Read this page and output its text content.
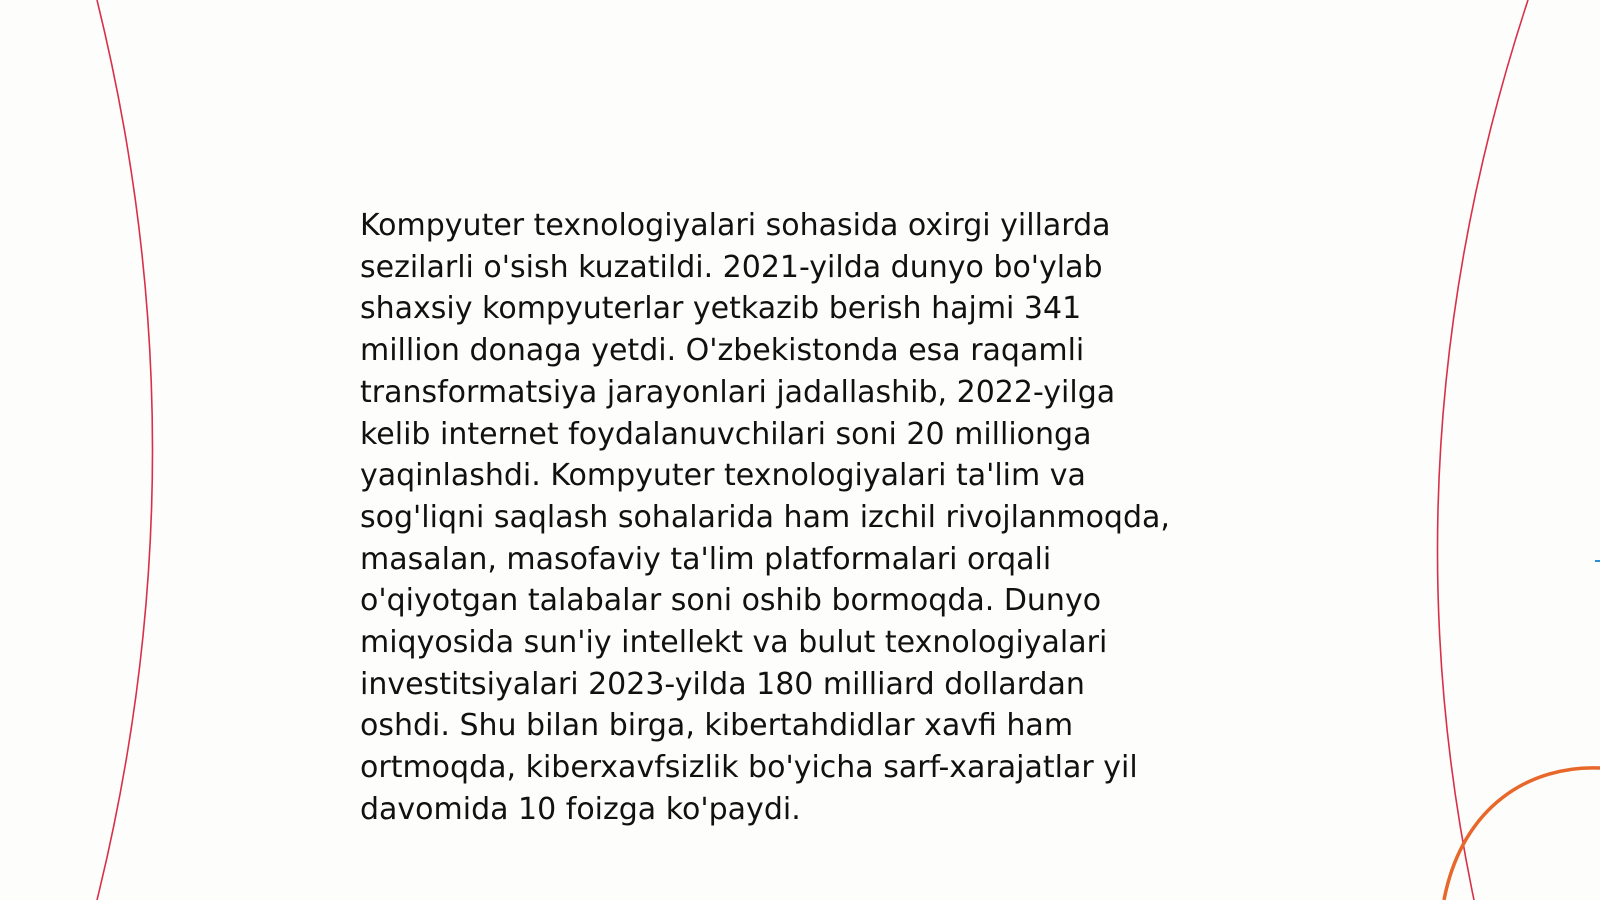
Kompyuter texnologiyalari sohasida oxirgi yillarda
sezilarli o'sish kuzatildi. 2021-yilda dunyo bo'ylab
shaxsiy kompyuterlar yetkazib berish hajmi 341
million donaga yetdi. O'zbekistonda esa raqamli
transformatsiya jarayonlari jadallashib, 2022-yilga
kelib internet foydalanuvchilari soni 20 millionga
yaqinlashdi. Kompyuter texnologiyalari ta'lim va
sog'liqni saqlash sohalarida ham izchil rivojlanmoqda,
masalan, masofaviy ta'lim platformalari orqali
o'qiyotgan talabalar soni oshib bormoqda. Dunyo
miqyosida sun'iy intellekt va bulut texnologiyalari
investitsiyalari 2023-yilda 180 milliard dollardan
oshdi. Shu bilan birga, kibertahdidlar xavfi ham
ortmoqda, kiberxavfsizlik bo'yicha sarf-xarajatlar yil
davomida 10 foizga ko'paydi.
